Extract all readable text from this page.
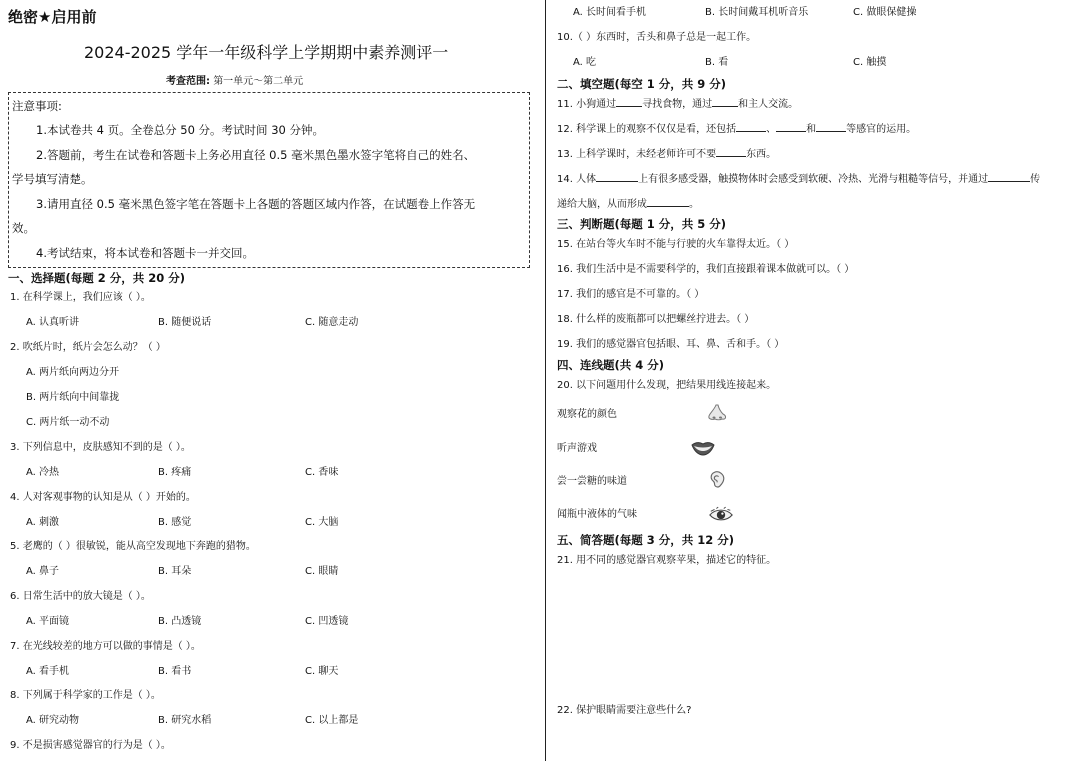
绝密★启用前
2024-2025 学年一年级科学上学期期中素养测评一
考查范围: 第一单元～第二单元
注意事项:
1.本试卷共 4 页。全卷总分 50 分。考试时间 30 分钟。
2.答题前，考生在试卷和答题卡上务必用直径 0.5 毫米黑色墨水签字笔将自己的姓名、
学号填写清楚。
3.请用直径 0.5 毫米黑色签字笔在答题卡上各题的答题区域内作答，在试题卷上作答无
效。
4.考试结束，将本试卷和答题卡一并交回。
一、选择题(每题 2 分，共 20 分)
1. 在科学课上，我们应该（ ）。
A. 认真听讲	B. 随便说话	C. 随意走动
2. 吹纸片时，纸片会怎么动？（ ）
A. 两片纸向两边分开
B. 两片纸向中间靠拢
C. 两片纸一动不动
3. 下列信息中，皮肤感知不到的是（ ）。
A. 冷热	B. 疼痛	C. 香味
4. 人对客观事物的认知是从（ ）开始的。
A. 刺激	B. 感觉	C. 大脑
5. 老鹰的（ ）很敏锐，能从高空发现地下奔跑的猎物。
A. 鼻子	B. 耳朵	C. 眼睛
6. 日常生活中的放大镜是（ ）。
A. 平面镜	B. 凸透镜	C. 凹透镜
7. 在光线较差的地方可以做的事情是（ ）。
A. 看手机	B. 看书	C. 聊天
8. 下列属于科学家的工作是（ ）。
A. 研究动物	B. 研究水稻	C. 以上都是
9. 不是损害感觉器官的行为是（ ）。
A. 长时间看手机	B. 长时间戴耳机听音乐	C. 做眼保健操
10.（ ）东西时，舌头和鼻子总是一起工作。
A. 吃	B. 看	C. 触摸
二、填空题(每空 1 分，共 9 分)
11. 小狗通过	寻找食物，通过	和主人交流。
12. 科学课上的观察不仅仅是看，还包括	、	和	等感官的运用。
13. 上科学课时，未经老师许可不要	东西。
14. 人体	上有很多感受器，触摸物体时会感受到软硬、冷热、光滑与粗糙等信号，并通过	传
递给大脑，从而形成	。
三、判断题(每题 1 分，共 5 分)
15. 在站台等火车时不能与行驶的火车靠得太近。（ ）
16. 我们生活中是不需要科学的，我们直接跟着课本做就可以。（ ）
17. 我们的感官是不可靠的。（ ）
18. 什么样的废瓶都可以把螺丝拧进去。（ ）
19. 我们的感觉器官包括眼、耳、鼻、舌和手。（ ）
四、连线题(共 4 分)
20. 以下问题用什么发现，把结果用线连接起来。
观察花的颜色
听声游戏
尝一尝糖的味道
闻瓶中液体的气味
五、简答题(每题 3 分，共 12 分)
21. 用不同的感觉器官观察苹果，描述它的特征。
22. 保护眼睛需要注意些什么?
